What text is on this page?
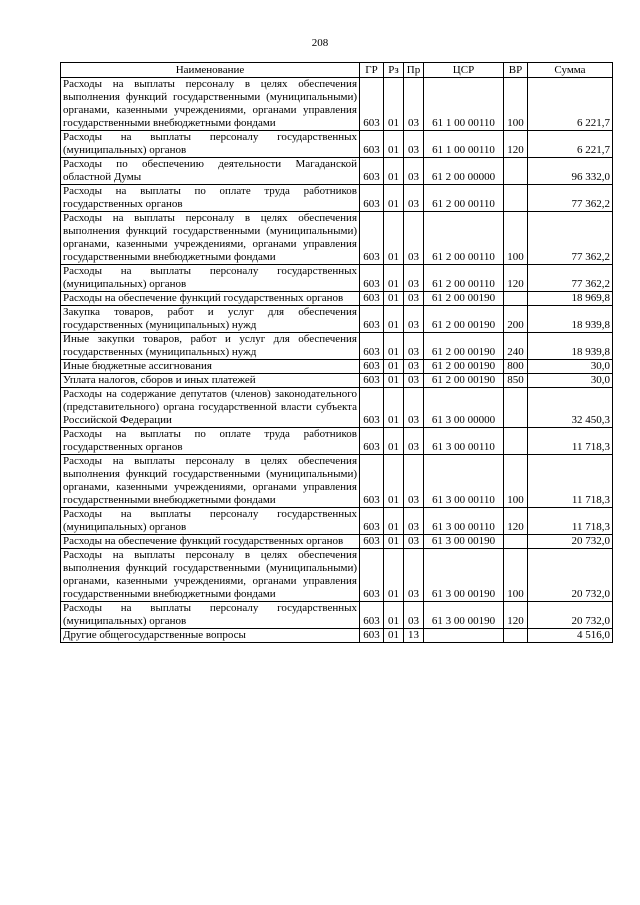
208
Наименование	ГР	Рз	Пр	ЦСР	ВР	Сумма
Расходы на выплаты персоналу в целях обеспечения выполнения функций государственными (муниципальными) органами, казенными учреждениями, органами управления государственными внебюджетными фондами	603	01	03	61 1 00 00110	100	6 221,7
Расходы на выплаты персоналу государственных (муниципальных) органов	603	01	03	61 1 00 00110	120	6 221,7
Расходы по обеспечению деятельности Магаданской областной Думы	603	01	03	61 2 00 00000		96 332,0
Расходы на выплаты по оплате труда работников государственных органов	603	01	03	61 2 00 00110		77 362,2
Расходы на выплаты персоналу в целях обеспечения выполнения функций государственными (муниципальными) органами, казенными учреждениями, органами управления государственными внебюджетными фондами	603	01	03	61 2 00 00110	100	77 362,2
Расходы на выплаты персоналу государственных (муниципальных) органов	603	01	03	61 2 00 00110	120	77 362,2
Расходы на обеспечение функций государственных органов	603	01	03	61 2 00 00190		18 969,8
Закупка товаров, работ и услуг для обеспечения государственных (муниципальных) нужд	603	01	03	61 2 00 00190	200	18 939,8
Иные закупки товаров, работ и услуг для обеспечения государственных (муниципальных) нужд	603	01	03	61 2 00 00190	240	18 939,8
Иные бюджетные ассигнования	603	01	03	61 2 00 00190	800	30,0
Уплата налогов, сборов и иных платежей	603	01	03	61 2 00 00190	850	30,0
Расходы на содержание депутатов (членов) законодательного (представительного) органа государственной власти субъекта Российской Федерации	603	01	03	61 3 00 00000		32 450,3
Расходы на выплаты по оплате труда работников государственных органов	603	01	03	61 3 00 00110		11 718,3
Расходы на выплаты персоналу в целях обеспечения выполнения функций государственными (муниципальными) органами, казенными учреждениями, органами управления государственными внебюджетными фондами	603	01	03	61 3 00 00110	100	11 718,3
Расходы на выплаты персоналу государственных (муниципальных) органов	603	01	03	61 3 00 00110	120	11 718,3
Расходы на обеспечение функций государственных органов	603	01	03	61 3 00 00190		20 732,0
Расходы на выплаты персоналу в целях обеспечения выполнения функций государственными (муниципальными) органами, казенными учреждениями, органами управления государственными внебюджетными фондами	603	01	03	61 3 00 00190	100	20 732,0
Расходы на выплаты персоналу государственных (муниципальных) органов	603	01	03	61 3 00 00190	120	20 732,0
Другие общегосударственные вопросы	603	01	13			4 516,0
